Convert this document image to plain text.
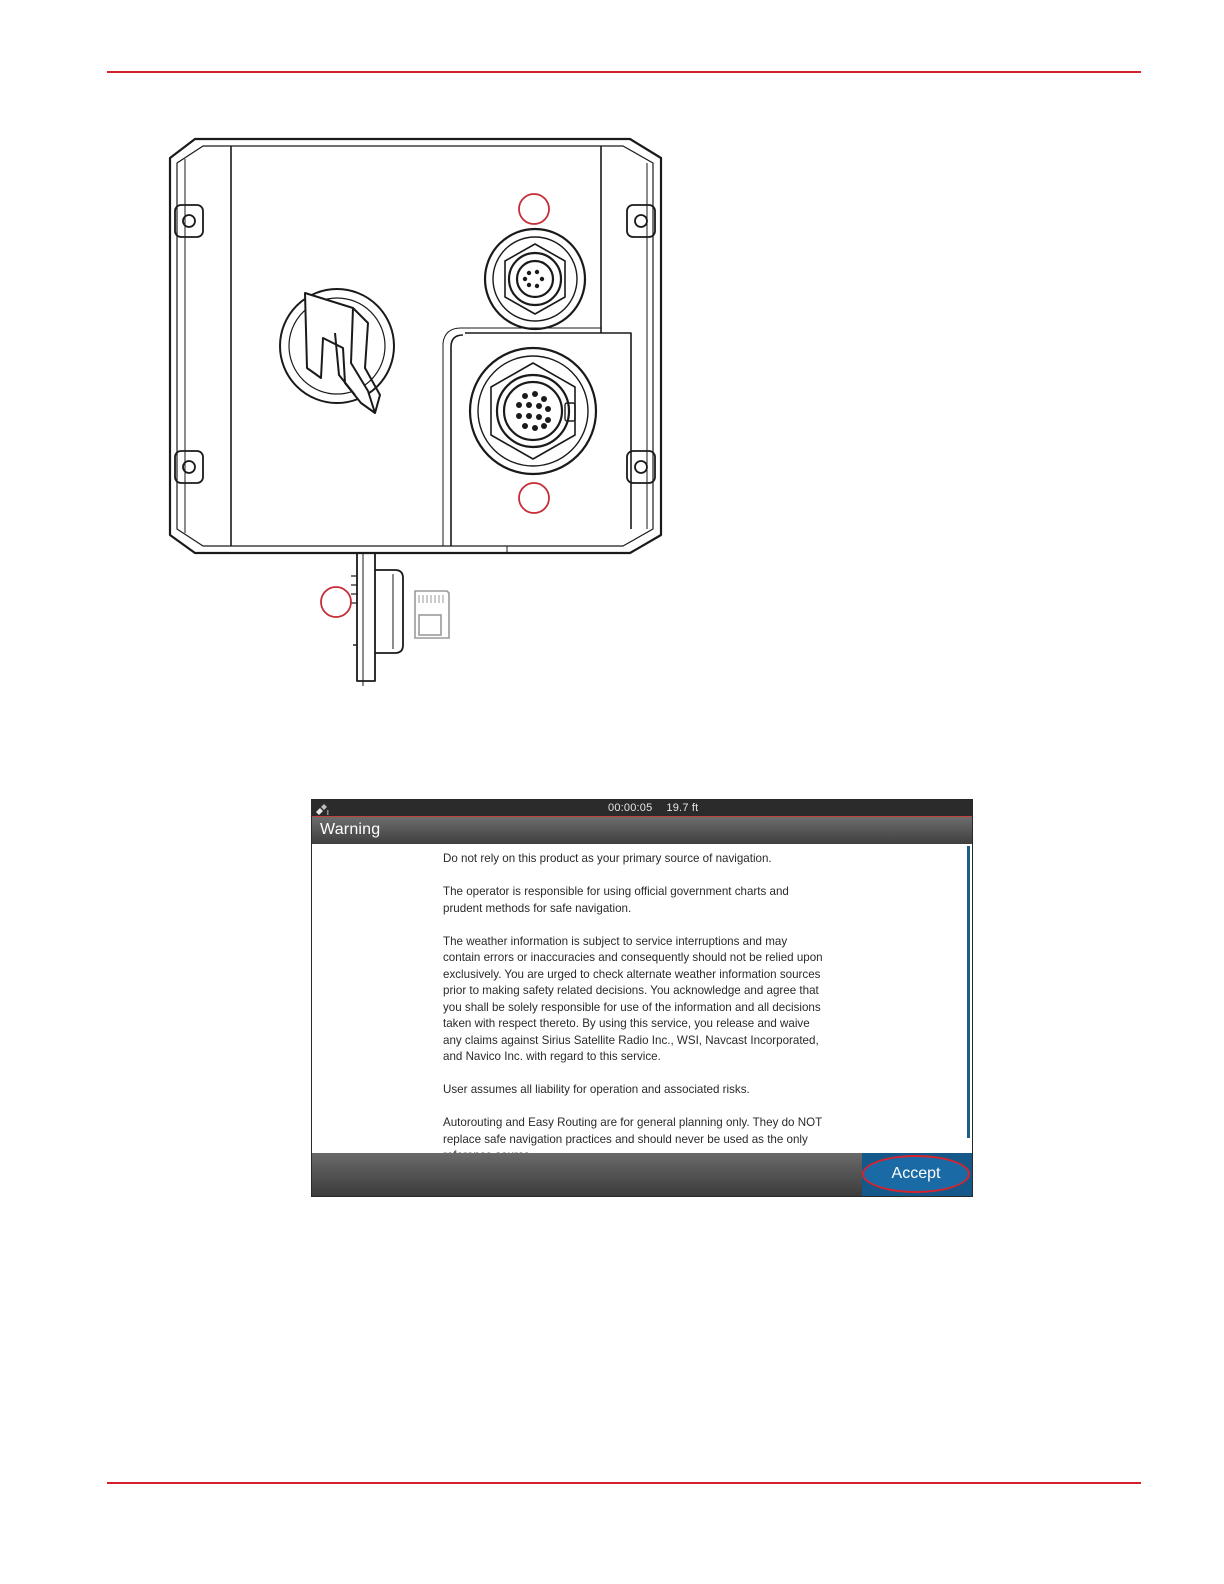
00:00:05 19.7 ft
Warning

Do not rely on this product as your primary source of navigation.

The operator is responsible for using official government charts and
prudent methods for safe navigation.

The weather information is subject to service interruptions and may
contain errors or inaccuracies and consequently should not be relied upon
exclusively. You are urged to check alternate weather information sources
prior to making safety related decisions. You acknowledge and agree that
you shall be solely responsible for use of the information and all decisions
taken with respect thereto. By using this service, you release and waive
any claims against Sirius Satellite Radio Inc., WSI, Navcast Incorporated,
and Navico Inc. with regard to this service.

User assumes all liability for operation and associated risks.

Autorouting and Easy Routing are for general planning only. They do NOT
replace safe navigation practices and should never be used as the only

Accept
